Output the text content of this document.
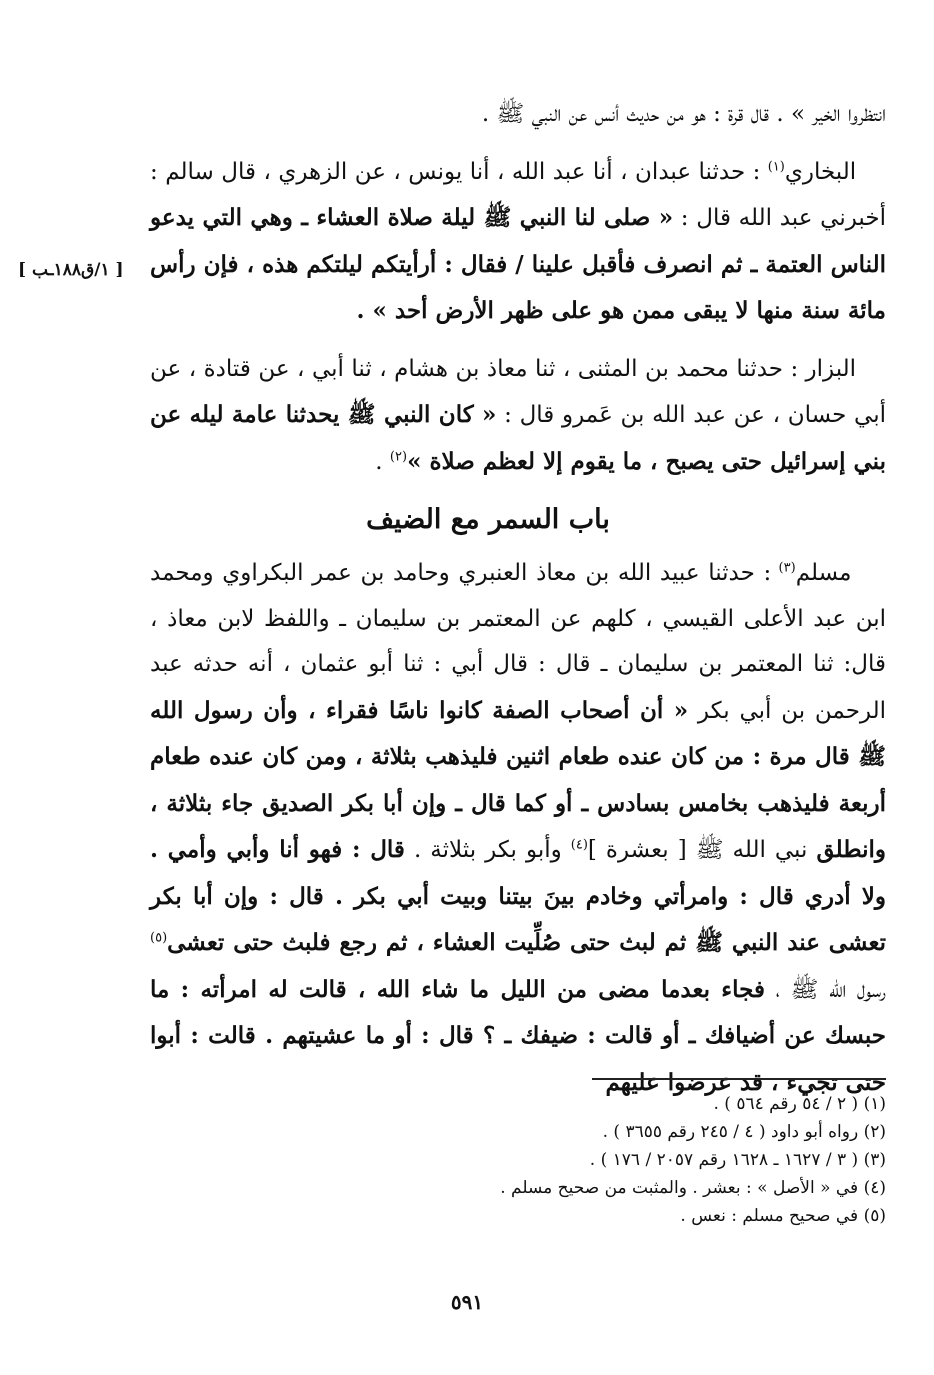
انتظروا الخير » . قال قرة : هو من حديث أنس عن النبي ﷺ .

البخاري$^{(١)}$ : حدثنا عبدان ، أنا عبد الله ، أنا يونس ، عن الزهري ، قال سالم : أخبرني عبد الله قال : « صلى لنا النبي ﷺ ليلة صلاة العشاء ـ وهي التي يدعو الناس العتمة ـ ثم انصرف فأقبل علينا / فقال : أرأيتكم ليلتكم هذه ، فإن رأس مائة سنة منها لا يبقى ممن هو على ظهر الأرض أحد » .

البزار : حدثنا محمد بن المثنى ، ثنا معاذ بن هشام ، ثنا أبي ، عن قتادة ، عن أبي حسان ، عن عبد الله بن عَمرو قال : « كان النبي ﷺ يحدثنا عامة ليله عن بني إسرائيل حتى يصبح ، ما يقوم إلا لعظم صلاة »$^{(٢)}$ .

باب السمر مع الضيف

مسلم$^{(٣)}$ : حدثنا عبيد الله بن معاذ العنبري وحامد بن عمر البكراوي ومحمد ابن عبد الأعلى القيسي ، كلهم عن المعتمر بن سليمان ـ واللفظ لابن معاذ ، قال: ثنا المعتمر بن سليمان ـ قال : قال أبي : ثنا أبو عثمان ، أنه حدثه عبد الرحمن بن أبي بكر « أن أصحاب الصفة كانوا ناسًا فقراء ، وأن رسول الله ﷺ قال مرة : من كان عنده طعام اثنين فليذهب بثلاثة ، ومن كان عنده طعام أربعة فليذهب بخامس بسادس ـ أو كما قال ـ وإن أبا بكر الصديق جاء بثلاثة ، وانطلق نبي الله ﷺ [ بعشرة ]$^{(٤)}$ وأبو بكر بثلاثة . قال : فهو أنا وأبي وأمي . ولا أدري قال : وامرأتي وخادم بينَ بيتنا وبيت أبي بكر . قال : وإن أبا بكر تعشى عند النبي ﷺ ثم لبث حتى صُلِّيت العشاء ، ثم رجع فلبث حتى تعشى$^{(٥)}$ رسول الله ﷺ ، فجاء بعدما مضى من الليل ما شاء الله ، قالت له امرأته : ما حبسك عن أضيافك ـ أو قالت : ضيفك ـ ؟ قال : أو ما عشيتهم . قالت : أبوا حتى تجيء ، قد عرضوا عليهم

[ ١/ق١٨٨ـب ]
(١) ( ٢ / ٥٤ رقم ٥٦٤ ) .
(٢) رواه أبو داود ( ٤ / ٢٤٥ رقم ٣٦٥٥ ) .
(٣) ( ٣ / ١٦٢٧ ـ ١٦٢٨ رقم ٢٠٥٧ / ١٧٦ ) .
(٤) في « الأصل » : بعشر . والمثبت من صحيح مسلم .
(٥) في صحيح مسلم : نعس .
٥٩١
